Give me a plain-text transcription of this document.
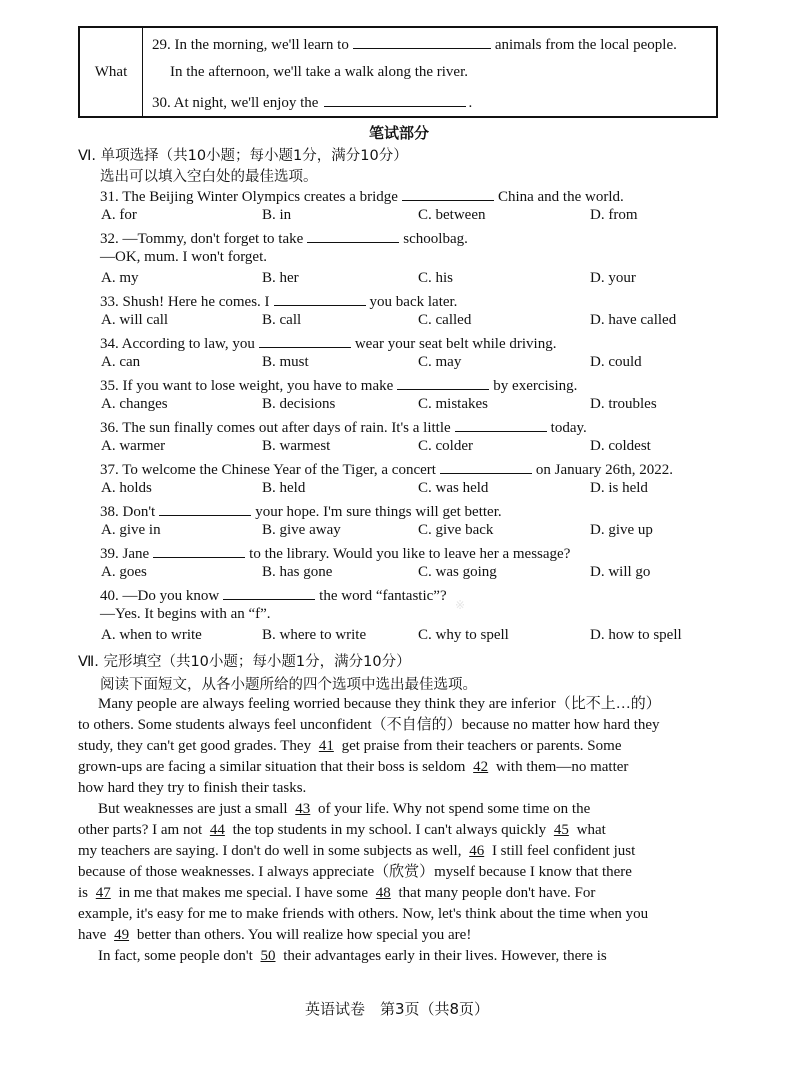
What
29. In the morning, we'll learn to	animals from the local people.
In the afternoon, we'll take a walk along the river.
30. At night, we'll enjoy the	.
笔试部分
Ⅵ. 单项选择（共10小题；每小题1分，满分10分）
选出可以填入空白处的最佳选项。
31. The Beijing Winter Olympics creates a bridge	China and the world.
A. for	B. in	C. between	D. from
32. —Tommy, don't forget to take	schoolbag.
—OK, mum. I won't forget.
A. my	B. her	C. his	D. your
33. Shush! Here he comes. I	you back later.
A. will call	B. call	C. called	D. have called
34. According to law, you	wear your seat belt while driving.
A. can	B. must	C. may	D. could
35. If you want to lose weight, you have to make	by exercising.
A. changes	B. decisions	C. mistakes	D. troubles
36. The sun finally comes out after days of rain. It's a little	today.
A. warmer	B. warmest	C. colder	D. coldest
37. To welcome the Chinese Year of the Tiger, a concert	on January 26th, 2022.
A. holds	B. held	C. was held	D. is held
38. Don't	your hope. I'm sure things will get better.
A. give in	B. give away	C. give back	D. give up
39. Jane	to the library. Would you like to leave her a message?
A. goes	B. has gone	C. was going	D. will go
40. —Do you know	the word “fantastic”?
—Yes. It begins with an “f”.
A. when to write	B. where to write	C. why to spell	D. how to spell
※
Ⅶ. 完形填空（共10小题；每小题1分，满分10分）
阅读下面短文，从各小题所给的四个选项中选出最佳选项。
Many people are always feeling worried because they think they are inferior（比不上…的）
to others. Some students always feel unconfident（不自信的）because no matter how hard they
study, they can't get good grades. They 41 get praise from their teachers or parents. Some
grown-ups are facing a similar situation that their boss is seldom 42 with them—no matter
how hard they try to finish their tasks.
But weaknesses are just a small 43 of your life. Why not spend some time on the
other parts? I am not 44 the top students in my school. I can't always quickly 45 what
my teachers are saying. I don't do well in some subjects as well, 46 I still feel confident just
because of those weaknesses. I always appreciate（欣赏）myself because I know that there
is 47 in me that makes me special. I have some 48 that many people don't have. For
example, it's easy for me to make friends with others. Now, let's think about the time when you
have 49 better than others. You will realize how special you are!
In fact, some people don't 50 their advantages early in their lives. However, there is
英语试卷　第3页（共8页）
